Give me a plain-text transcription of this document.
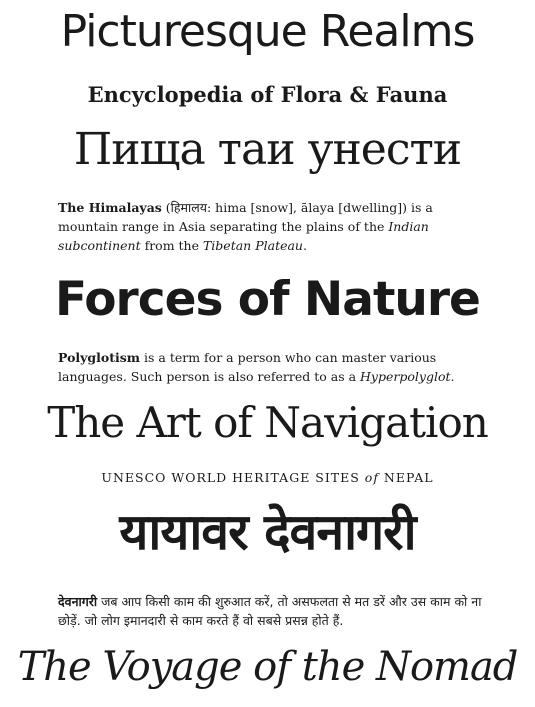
Picturesque Realms
Encyclopedia of Flora & Fauna
Пища таи унести
The Himalayas (हिमालय: hima [snow], ālaya [dwelling]) is a mountain range in Asia separating the plains of the Indian subcontinent from the Tibetan Plateau.
Forces of Nature
Polyglotism is a term for a person who can master various languages. Such person is also referred to as a Hyperpolyglot.
The Art of Navigation
UNESCO WORLD HERITAGE SITES of NEPAL
यायावर देवनागरी
देवनागरी जब आप किसी काम की शुरुआत करें, तो असफलता से मत डरें और उस काम को ना छोड़ें. जो लोग इमानदारी से काम करते हैं वो सबसे प्रसन्न होते हैं.
The Voyage of the Nomad
